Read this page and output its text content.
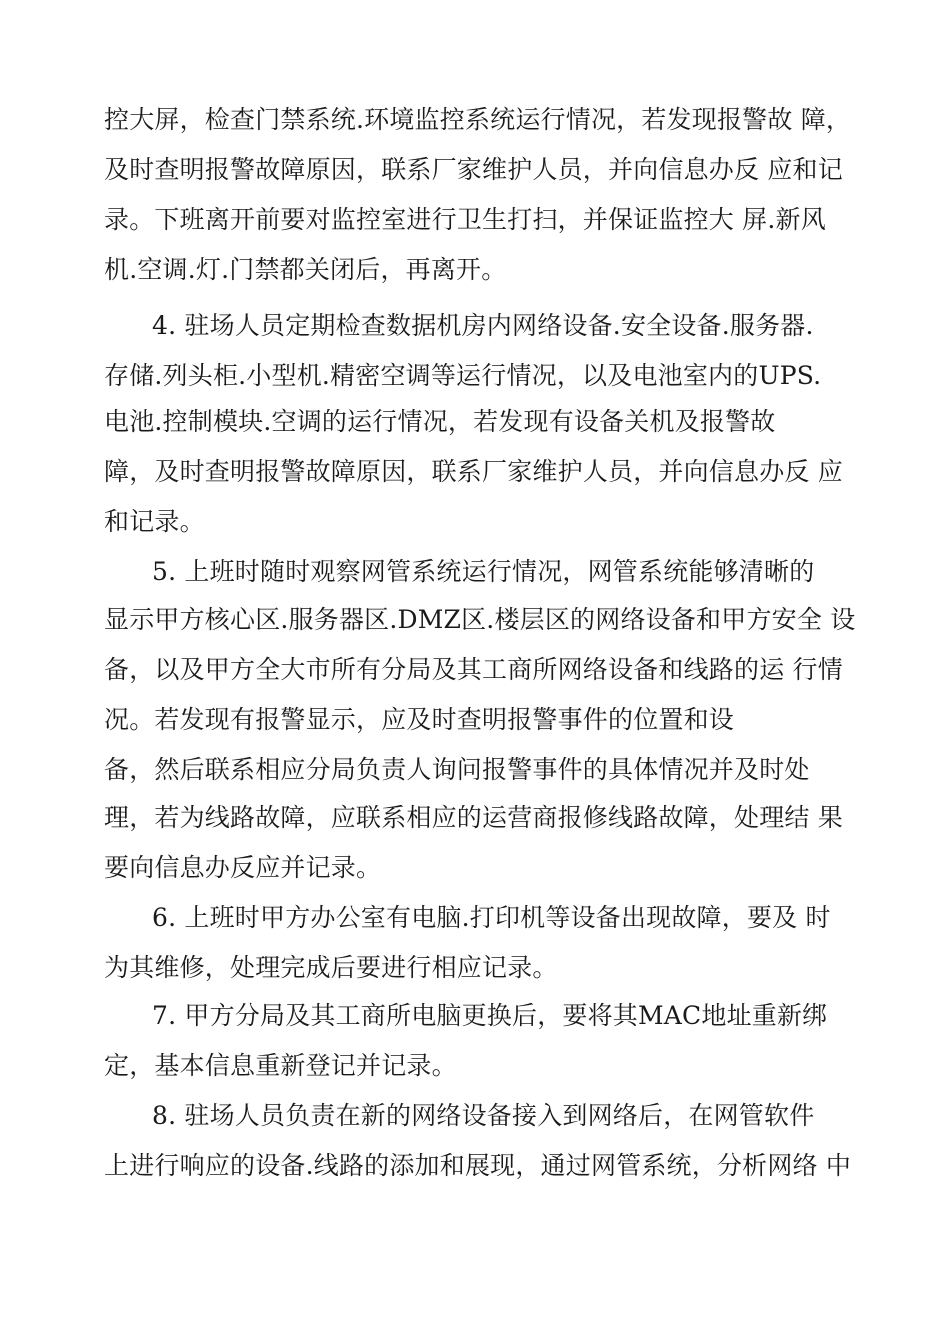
控大屏，检查门禁系统.环境监控系统运行情况，若发现报警故 障，
及时查明报警故障原因，联系厂家维护人员，并向信息办反 应和记
录。下班离开前要对监控室进行卫生打扫，并保证监控大 屏.新风
机.空调.灯.门禁都关闭后，再离开。
4. 驻场人员定期检查数据机房内网络设备.安全设备.服务器.
存储.列头柜.小型机.精密空调等运行情况，以及电池室内的UPS.
电池.控制模块.空调的运行情况，若发现有设备关机及报警故
障，及时查明报警故障原因，联系厂家维护人员，并向信息办反 应
和记录。
5. 上班时随时观察网管系统运行情况，网管系统能够清晰的
显示甲方核心区.服务器区.DMZ区.楼层区的网络设备和甲方安全 设
备，以及甲方全大市所有分局及其工商所网络设备和线路的运 行情
况。若发现有报警显示，应及时查明报警事件的位置和设
备，然后联系相应分局负责人询问报警事件的具体情况并及时处
理，若为线路故障，应联系相应的运营商报修线路故障，处理结 果
要向信息办反应并记录。
6. 上班时甲方办公室有电脑.打印机等设备出现故障，要及 时
为其维修，处理完成后要进行相应记录。
7. 甲方分局及其工商所电脑更换后，要将其MAC地址重新绑
定，基本信息重新登记并记录。
8. 驻场人员负责在新的网络设备接入到网络后，在网管软件
上进行响应的设备.线路的添加和展现，通过网管系统，分析网络 中
